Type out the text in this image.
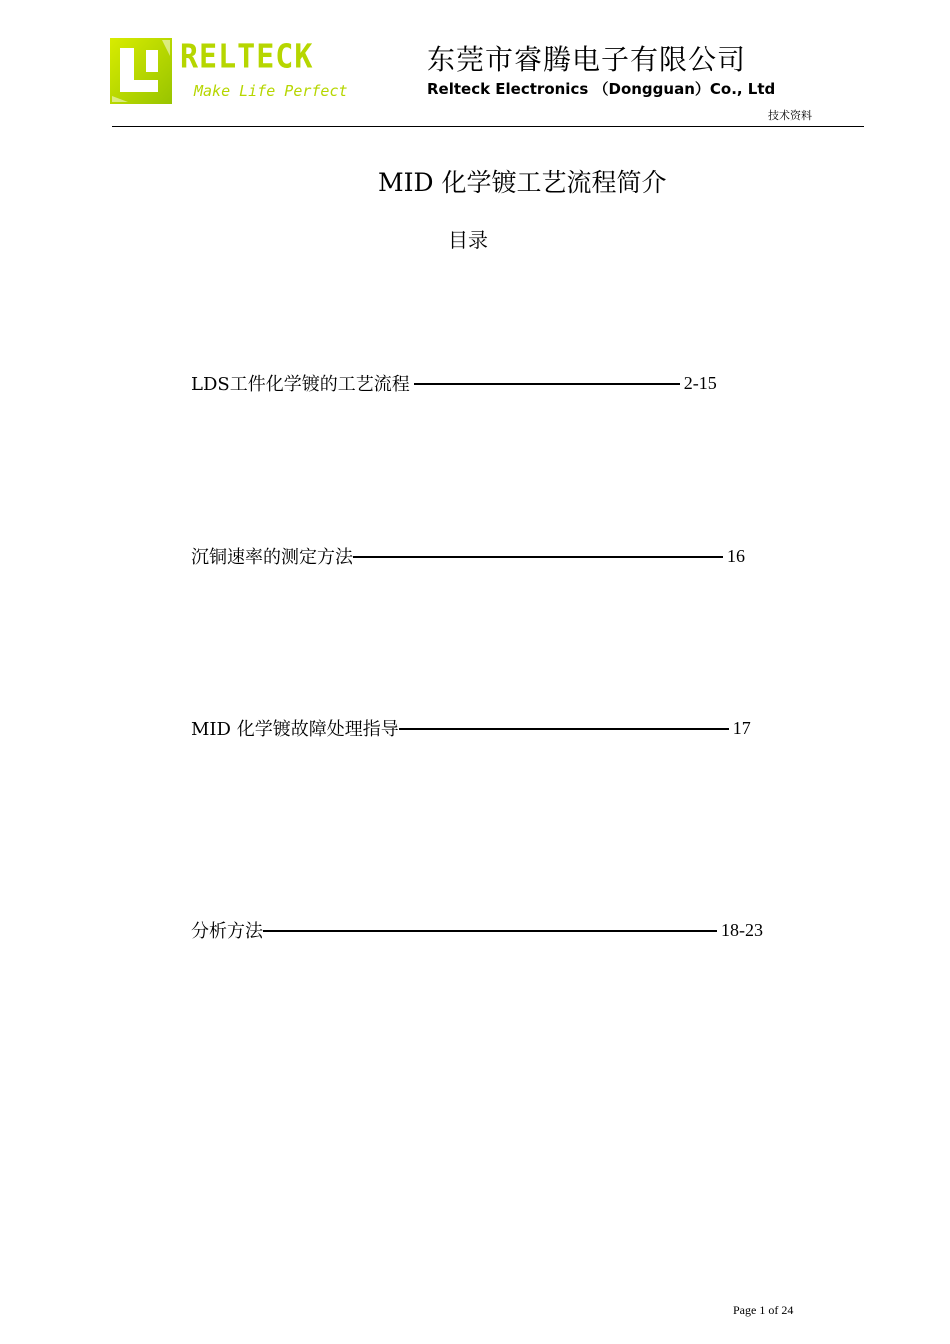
RELTECK
Make Life Perfect
东莞市睿腾电子有限公司
Relteck Electronics （Dongguan）Co., Ltd
技术资料
MID 化学镀工艺流程简介
目录
LDS工件化学镀的工艺流程	2-15
沉铜速率的测定方法	16
MID 化学镀故障处理指导	17
分析方法	18-23
Page 1 of 24
